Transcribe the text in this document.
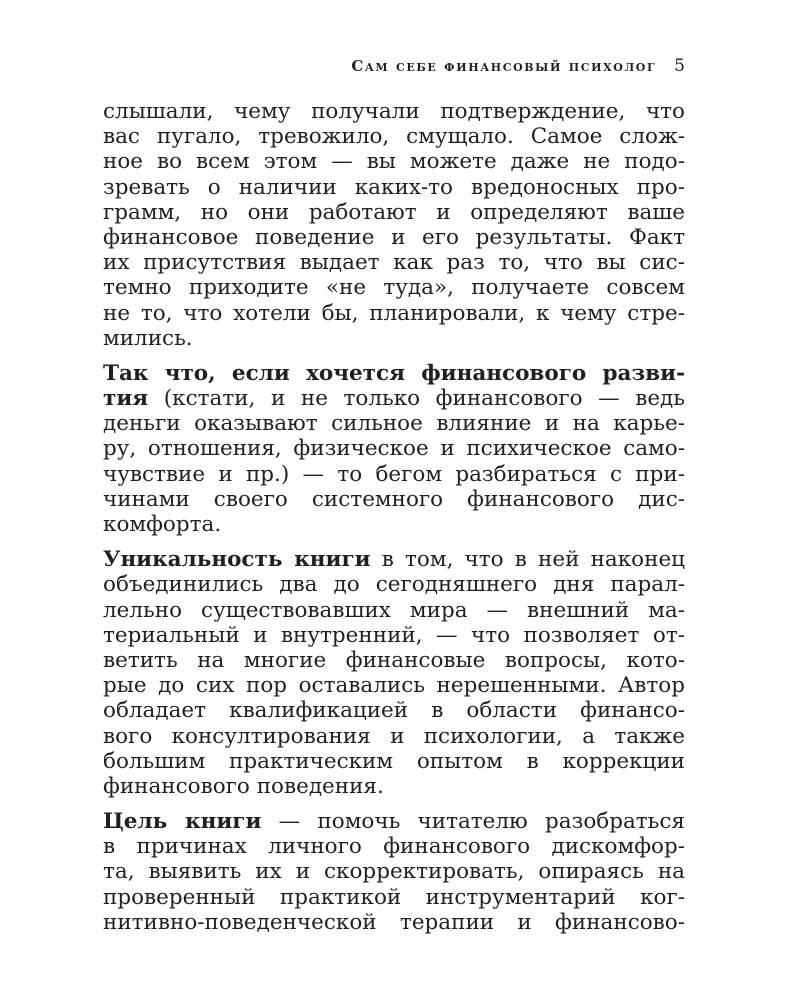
Сам себе финансовый психолог 5
слышали, чему получали подтверждение, что
вас пугало, тревожило, смущало. Самое слож-
ное во всем этом — вы можете даже не подо-
зревать о наличии каких-то вредоносных про-
грамм, но они работают и определяют ваше
финансовое поведение и его результаты. Факт
их присутствия выдает как раз то, что вы сис-
темно приходите «не туда», получаете совсем
не то, что хотели бы, планировали, к чему стре-
мились.
Так что, если хочется финансового разви-
тия (кстати, и не только финансового — ведь
деньги оказывают сильное влияние и на карье-
ру, отношения, физическое и психическое само-
чувствие и пр.) — то бегом разбираться с при-
чинами своего системного финансового дис-
комфорта.
Уникальность книги в том, что в ней наконец
объединились два до сегодняшнего дня парал-
лельно существовавших мира — внешний ма-
териальный и внутренний, — что позволяет от-
ветить на многие финансовые вопросы, кото-
рые до сих пор оставались нерешенными. Автор
обладает квалификацией в области финансо-
вого консултирования и психологии, а также
большим практическим опытом в коррекции
финансового поведения.
Цель книги — помочь читателю разобраться
в причинах личного финансового дискомфор-
та, выявить их и скорректировать, опираясь на
проверенный практикой инструментарий ког-
нитивно-поведенческой терапии и финансово-
